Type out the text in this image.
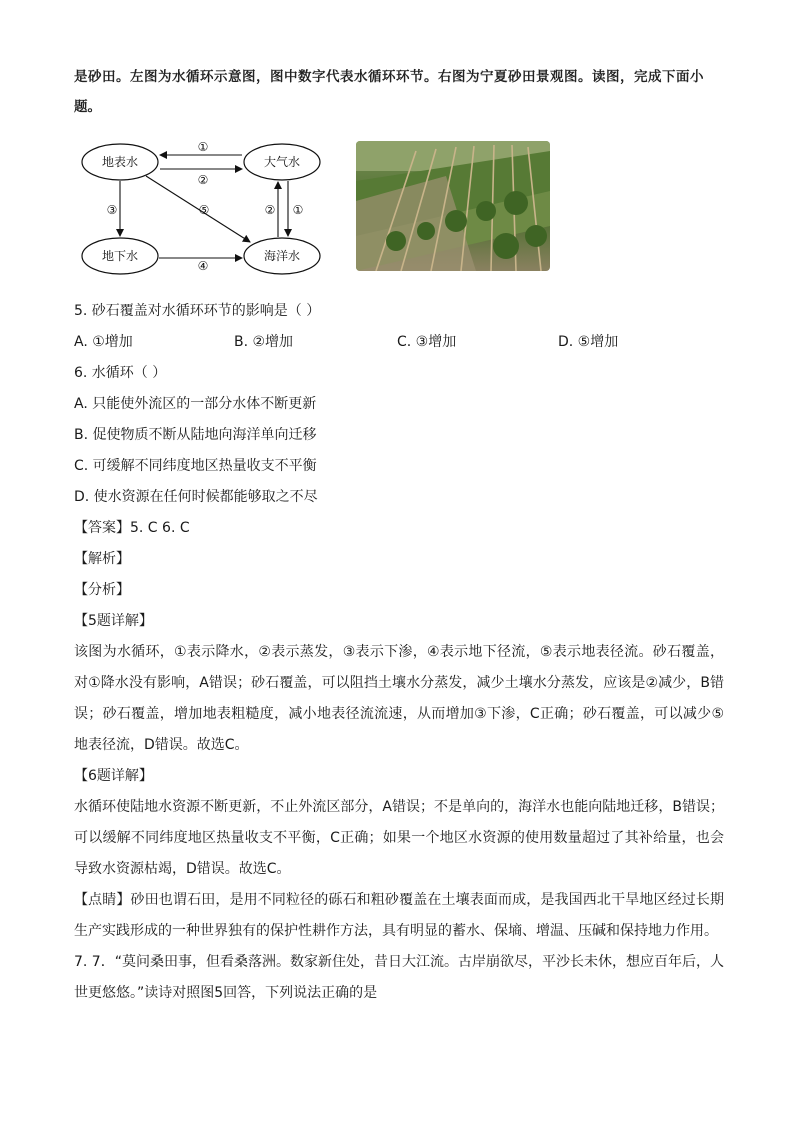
是砂田。左图为水循环示意图，图中数字代表水循环环节。右图为宁夏砂田景观图。读图，完成下面小
题。
地表水	大气水
地下水	海洋水
①
②
③	⑤
④
② ①
5. 砂石覆盖对水循环环节的影响是（ ）
A. ①增加	B. ②增加	C. ③增加	D. ⑤增加
6. 水循环（ ）
A. 只能使外流区的一部分水体不断更新
B. 促使物质不断从陆地向海洋单向迁移
C. 可缓解不同纬度地区热量收支不平衡
D. 使水资源在任何时候都能够取之不尽
【答案】5. C 6. C
【解析】
【分析】
【5题详解】
该图为水循环，①表示降水，②表示蒸发，③表示下渗，④表示地下径流，⑤表示地表径流。砂石覆盖，对①降水没有影响，A错误；砂石覆盖，可以阻挡土壤水分蒸发，减少土壤水分蒸发，应该是②减少，B错误；砂石覆盖，增加地表粗糙度，减小地表径流流速，从而增加③下渗，C正确；砂石覆盖，可以减少⑤地表径流，D错误。故选C。
【6题详解】
水循环使陆地水资源不断更新，不止外流区部分，A错误；不是单向的，海洋水也能向陆地迁移，B错误；可以缓解不同纬度地区热量收支不平衡，C正确；如果一个地区水资源的使用数量超过了其补给量，也会导致水资源枯竭，D错误。故选C。
【点睛】砂田也谓石田，是用不同粒径的砾石和粗砂覆盖在土壤表面而成，是我国西北干旱地区经过长期生产实践形成的一种世界独有的保护性耕作方法，具有明显的蓄水、保墒、增温、压碱和保持地力作用。
7. 7．“莫问桑田事，但看桑落洲。数家新住处，昔日大江流。古岸崩欲尽，平沙长未休，想应百年后，人世更悠悠。”读诗对照图5回答，下列说法正确的是
